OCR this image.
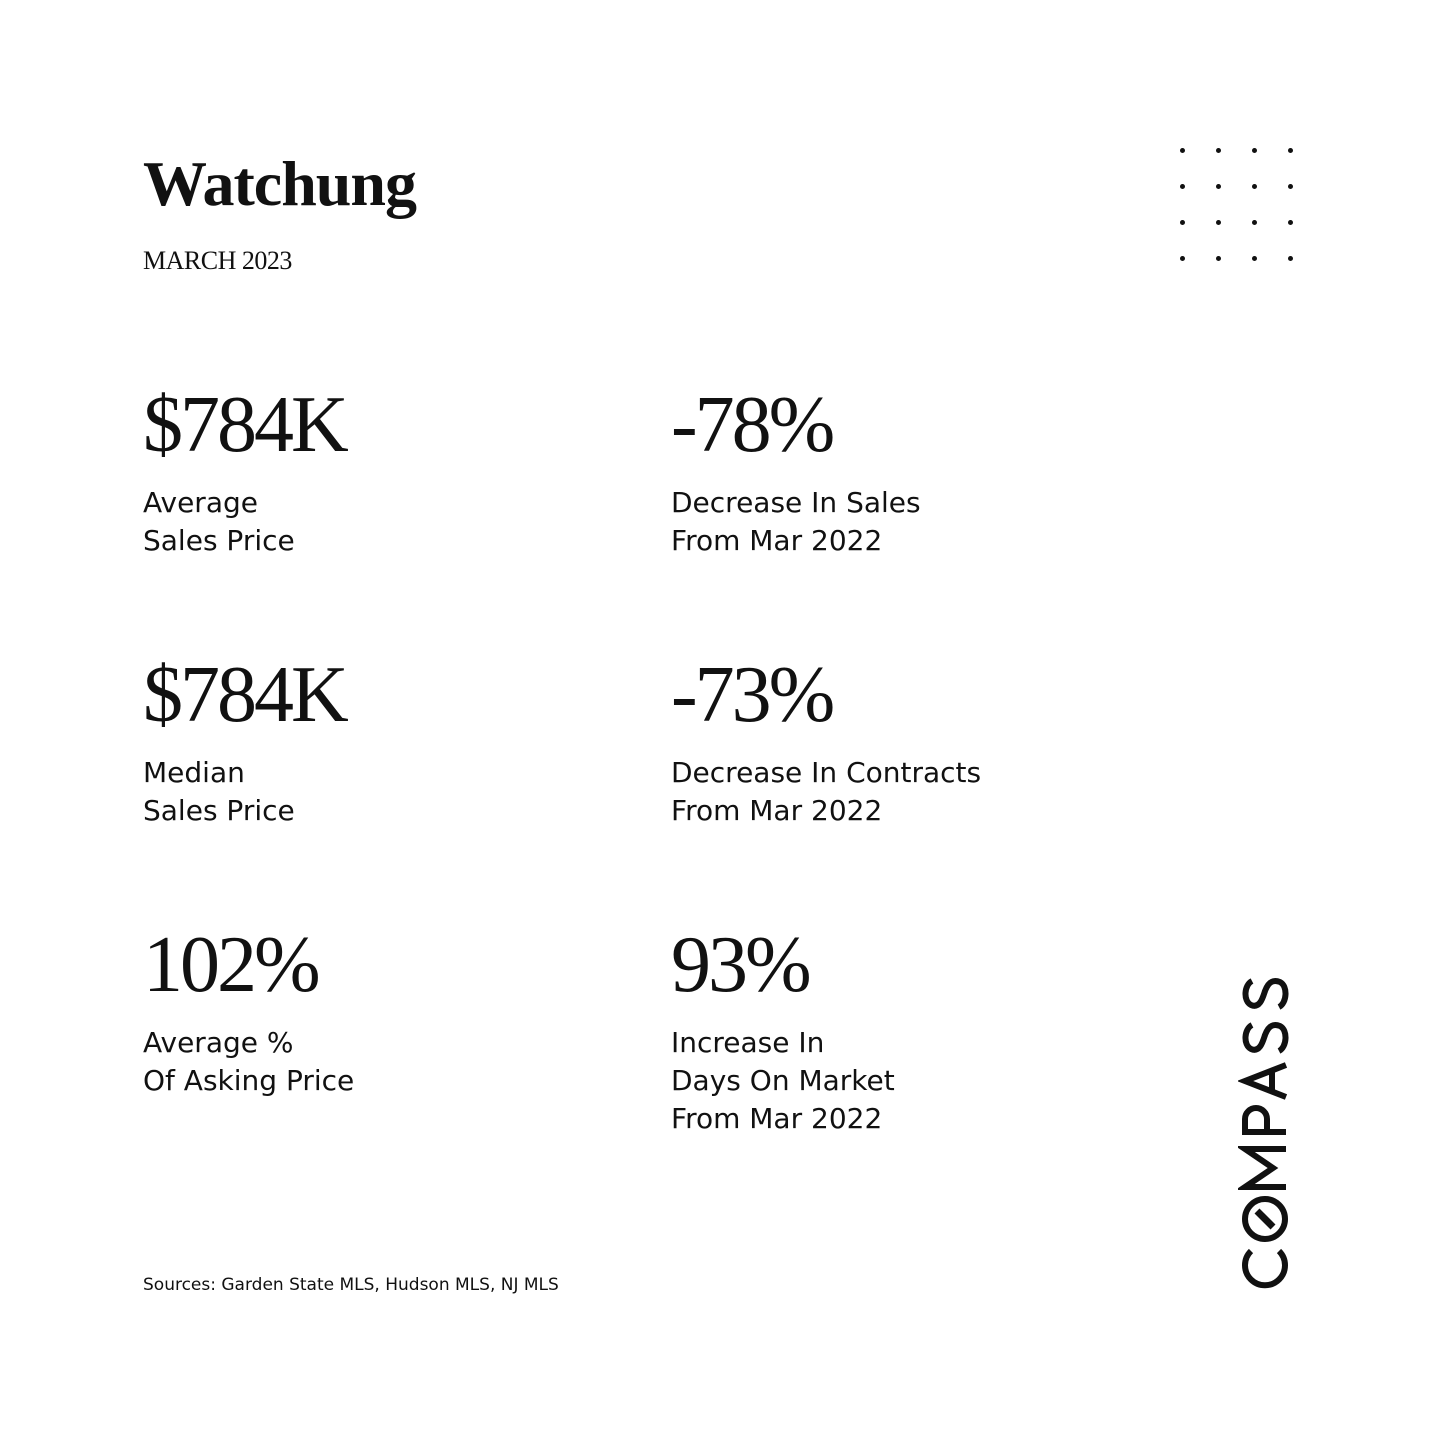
Watchung
MARCH 2023
$784K
Average
Sales Price
-78%
Decrease In Sales
From Mar 2022
$784K
Median
Sales Price
-73%
Decrease In Contracts
From Mar 2022
102%
Average %
Of Asking Price
93%
Increase In
Days On Market
From Mar 2022
Sources: Garden State MLS, Hudson MLS, NJ MLS
